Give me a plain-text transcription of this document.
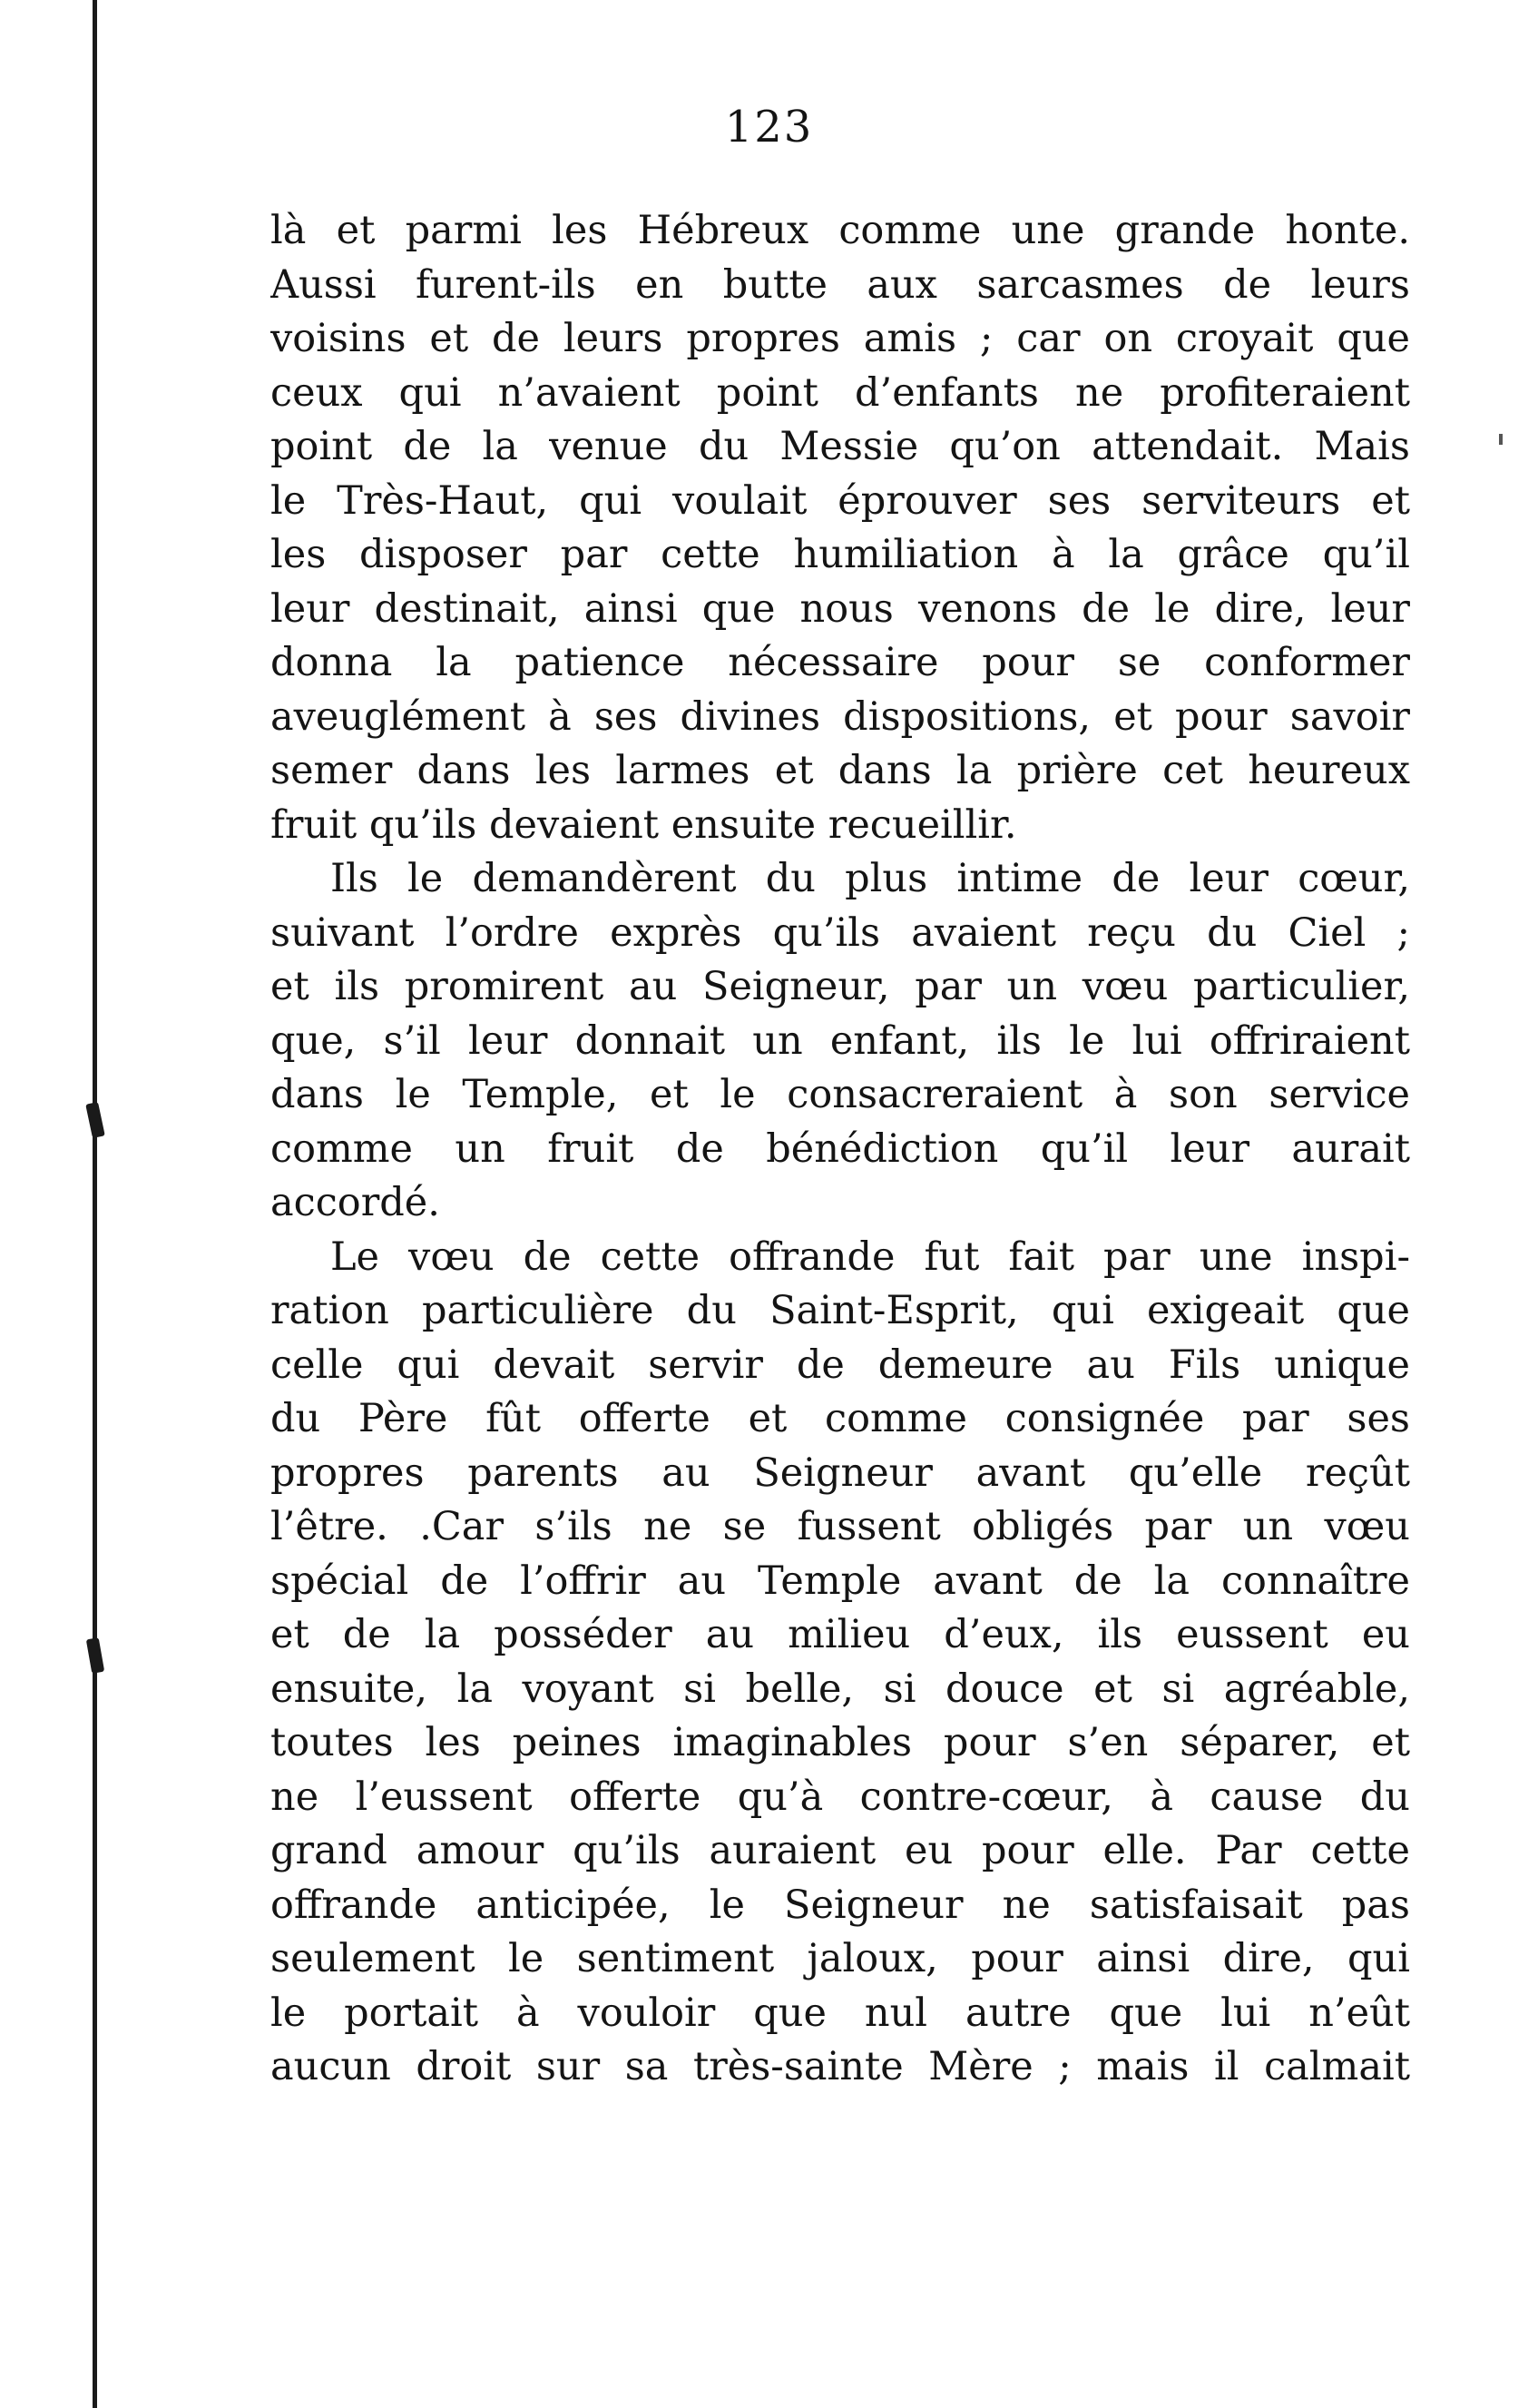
123
là et parmi les Hébreux comme une grande honte.
Aussi furent-ils en butte aux sarcasmes de leurs
voisins et de leurs propres amis ; car on croyait que
ceux qui n’avaient point d’enfants ne profiteraient
point de la venue du Messie qu’on attendait. Mais
le Très-Haut, qui voulait éprouver ses serviteurs et
les disposer par cette humiliation à la grâce qu’il
leur destinait, ainsi que nous venons de le dire, leur
donna la patience nécessaire pour se conformer
aveuglément à ses divines dispositions, et pour savoir
semer dans les larmes et dans la prière cet heureux
fruit qu’ils devaient ensuite recueillir.
Ils le demandèrent du plus intime de leur cœur,
suivant l’ordre exprès qu’ils avaient reçu du Ciel ;
et ils promirent au Seigneur, par un vœu particulier,
que, s’il leur donnait un enfant, ils le lui offriraient
dans le Temple, et le consacreraient à son service
comme un fruit de bénédiction qu’il leur aurait
accordé.
Le vœu de cette offrande fut fait par une inspi-
ration particulière du Saint-Esprit, qui exigeait que
celle qui devait servir de demeure au Fils unique
du Père fût offerte et comme consignée par ses
propres parents au Seigneur avant qu’elle reçût
l’être. .Car s’ils ne se fussent obligés par un vœu
spécial de l’offrir au Temple avant de la connaître
et de la posséder au milieu d’eux, ils eussent eu
ensuite, la voyant si belle, si douce et si agréable,
toutes les peines imaginables pour s’en séparer, et
ne l’eussent offerte qu’à contre-cœur, à cause du
grand amour qu’ils auraient eu pour elle. Par cette
offrande anticipée, le Seigneur ne satisfaisait pas
seulement le sentiment jaloux, pour ainsi dire, qui
le portait à vouloir que nul autre que lui n’eût
aucun droit sur sa très-sainte Mère ; mais il calmait
